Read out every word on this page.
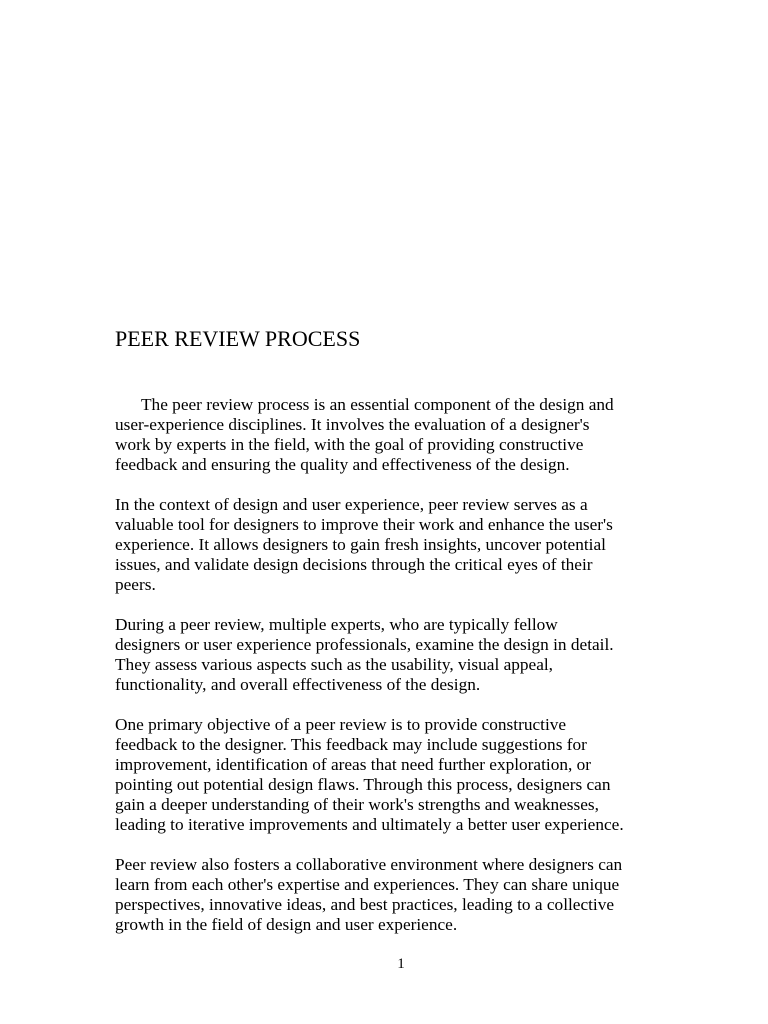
PEER REVIEW PROCESS

The peer review process is an essential component of the design and
user-experience disciplines. It involves the evaluation of a designer's
work by experts in the field, with the goal of providing constructive
feedback and ensuring the quality and effectiveness of the design.

In the context of design and user experience, peer review serves as a
valuable tool for designers to improve their work and enhance the user's
experience. It allows designers to gain fresh insights, uncover potential
issues, and validate design decisions through the critical eyes of their
peers.

During a peer review, multiple experts, who are typically fellow
designers or user experience professionals, examine the design in detail.
They assess various aspects such as the usability, visual appeal,
functionality, and overall effectiveness of the design.

One primary objective of a peer review is to provide constructive
feedback to the designer. This feedback may include suggestions for
improvement, identification of areas that need further exploration, or
pointing out potential design flaws. Through this process, designers can
gain a deeper understanding of their work's strengths and weaknesses,
leading to iterative improvements and ultimately a better user experience.

Peer review also fosters a collaborative environment where designers can
learn from each other's expertise and experiences. They can share unique
perspectives, innovative ideas, and best practices, leading to a collective
growth in the field of design and user experience.

1
